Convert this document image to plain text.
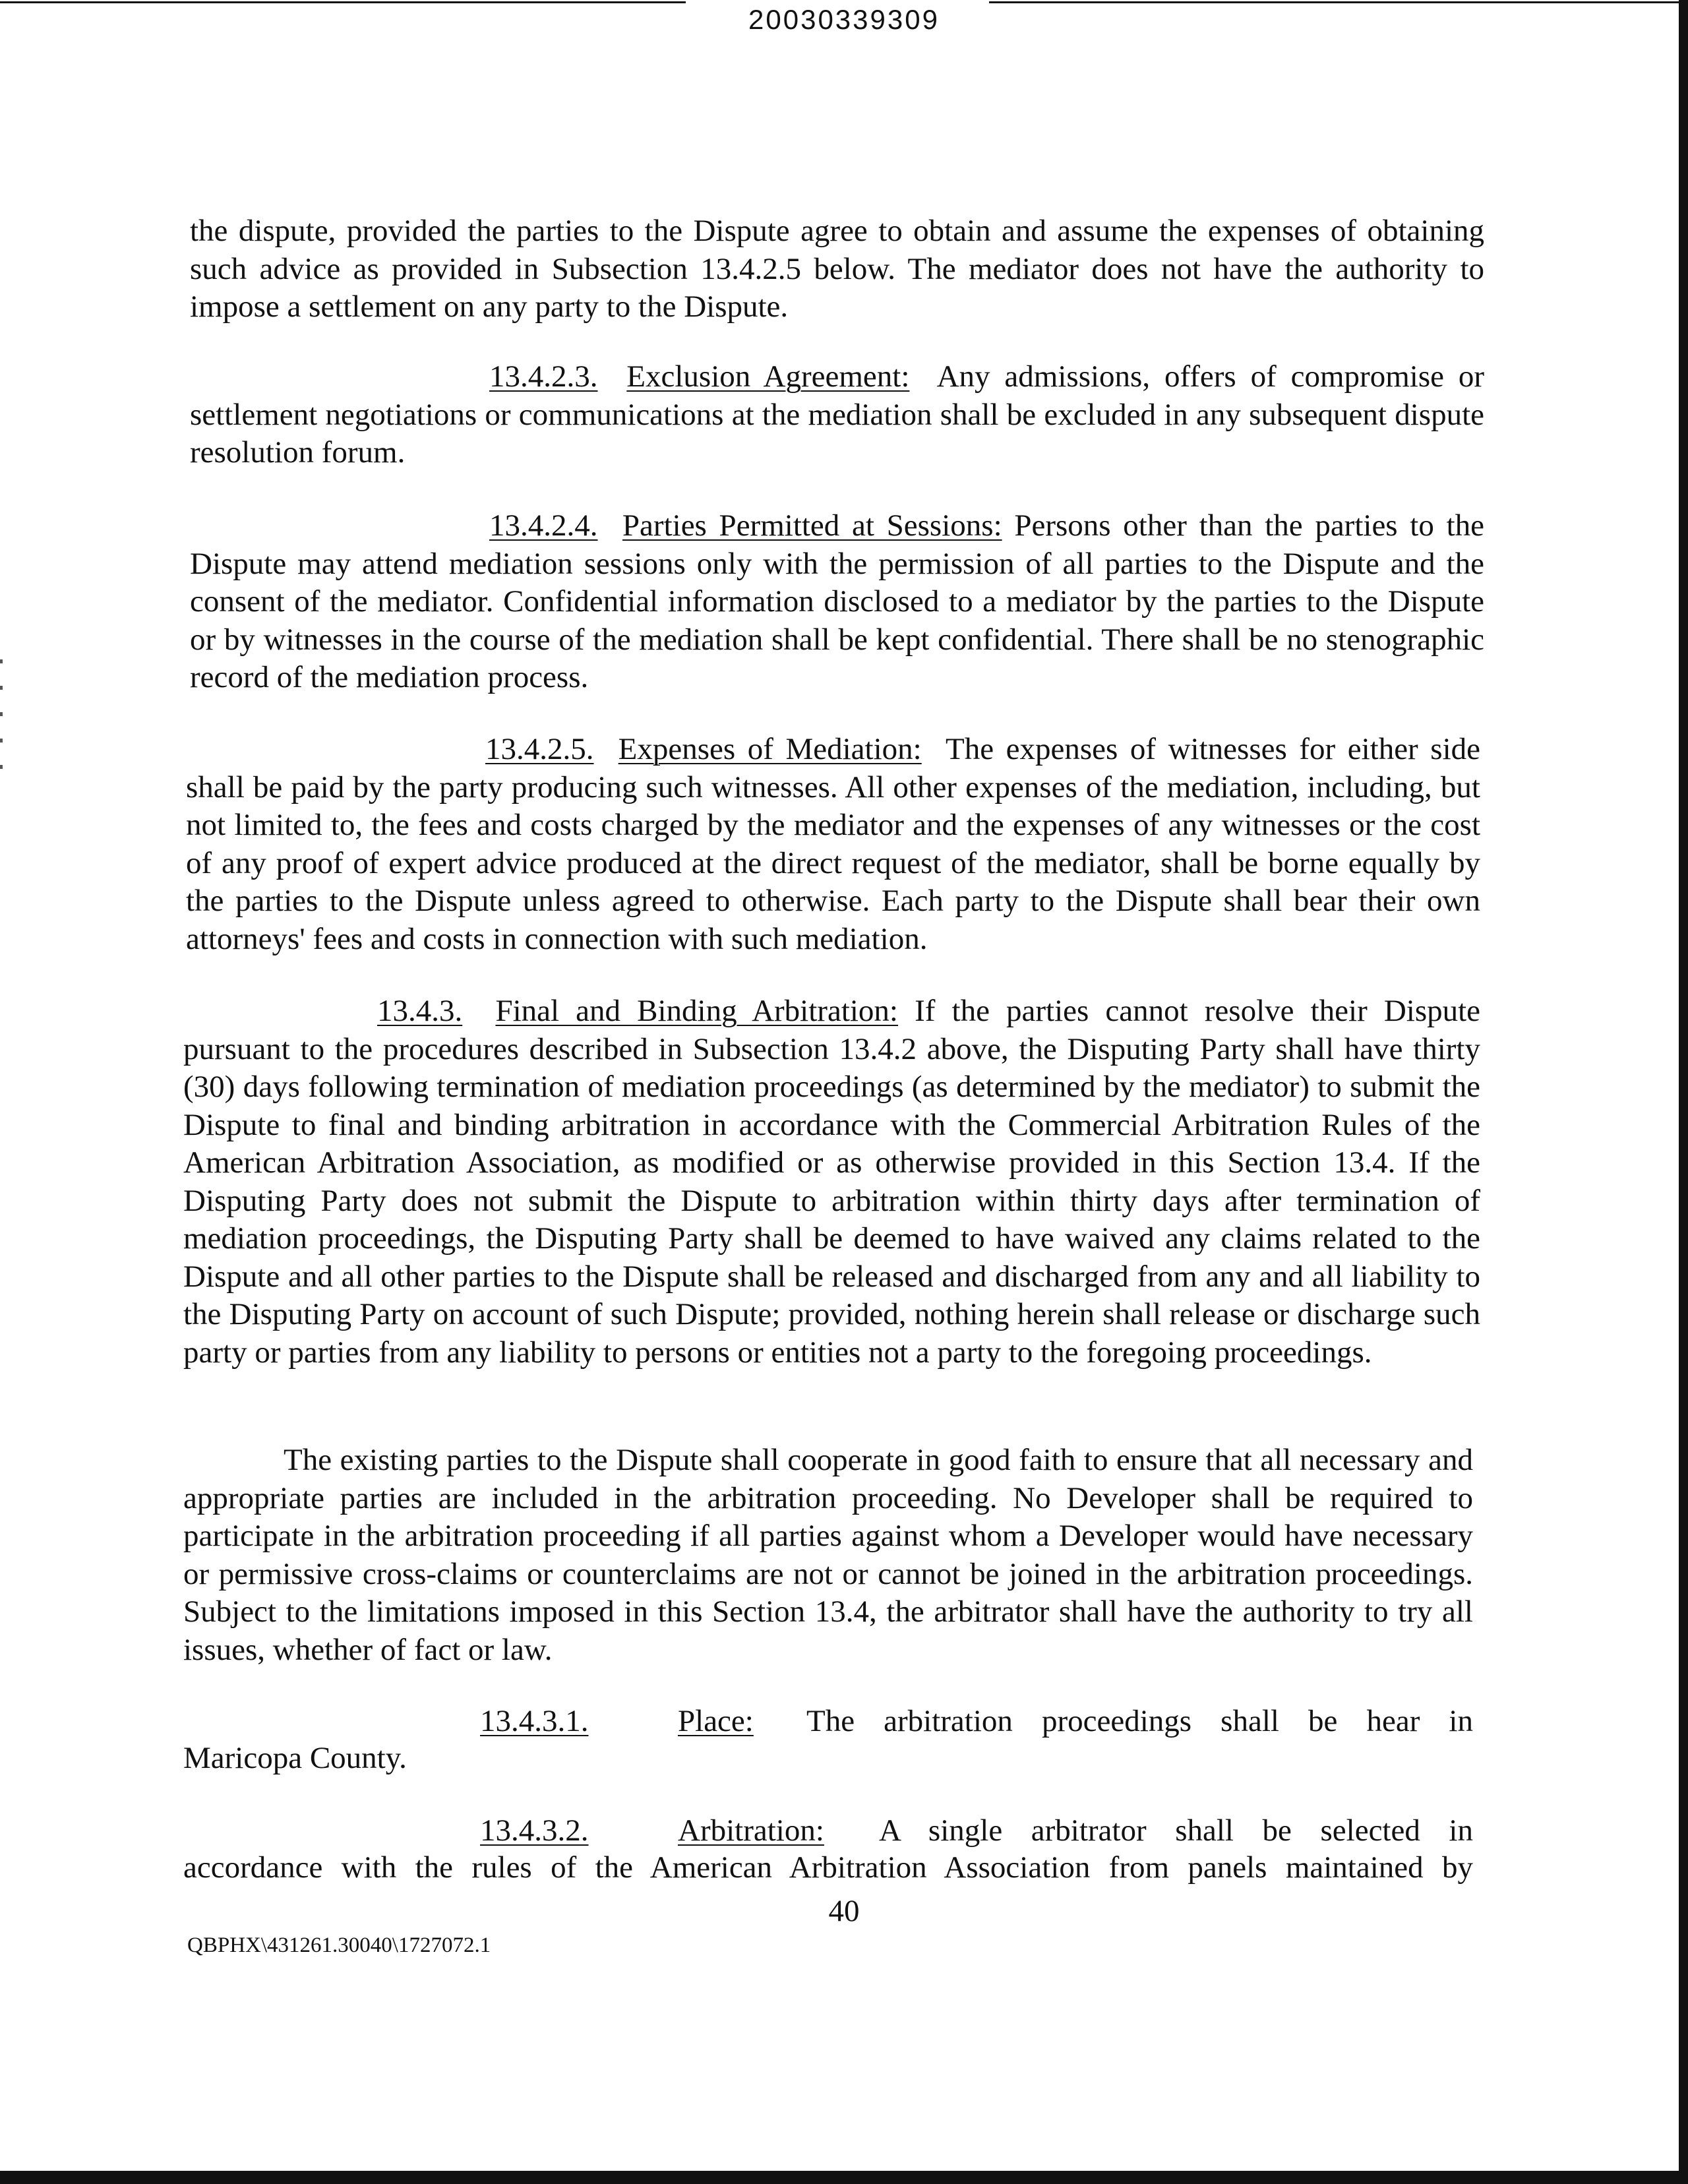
20030339309

the dispute, provided the parties to the Dispute agree to obtain and assume the expenses of obtaining such advice as provided in Subsection 13.4.2.5 below. The mediator does not have the authority to impose a settlement on any party to the Dispute.

13.4.2.3. Exclusion Agreement: Any admissions, offers of compromise or settlement negotiations or communications at the mediation shall be excluded in any subsequent dispute resolution forum.

13.4.2.4. Parties Permitted at Sessions: Persons other than the parties to the Dispute may attend mediation sessions only with the permission of all parties to the Dispute and the consent of the mediator. Confidential information disclosed to a mediator by the parties to the Dispute or by witnesses in the course of the mediation shall be kept confidential. There shall be no stenographic record of the mediation process.

13.4.2.5. Expenses of Mediation: The expenses of witnesses for either side shall be paid by the party producing such witnesses. All other expenses of the mediation, including, but not limited to, the fees and costs charged by the mediator and the expenses of any witnesses or the cost of any proof of expert advice produced at the direct request of the mediator, shall be borne equally by the parties to the Dispute unless agreed to otherwise. Each party to the Dispute shall bear their own attorneys' fees and costs in connection with such mediation.

13.4.3. Final and Binding Arbitration: If the parties cannot resolve their Dispute pursuant to the procedures described in Subsection 13.4.2 above, the Disputing Party shall have thirty (30) days following termination of mediation proceedings (as determined by the mediator) to submit the Dispute to final and binding arbitration in accordance with the Commercial Arbitration Rules of the American Arbitration Association, as modified or as otherwise provided in this Section 13.4. If the Disputing Party does not submit the Dispute to arbitration within thirty days after termination of mediation proceedings, the Disputing Party shall be deemed to have waived any claims related to the Dispute and all other parties to the Dispute shall be released and discharged from any and all liability to the Disputing Party on account of such Dispute; provided, nothing herein shall release or discharge such party or parties from any liability to persons or entities not a party to the foregoing proceedings.

The existing parties to the Dispute shall cooperate in good faith to ensure that all necessary and appropriate parties are included in the arbitration proceeding. No Developer shall be required to participate in the arbitration proceeding if all parties against whom a Developer would have necessary or permissive cross-claims or counterclaims are not or cannot be joined in the arbitration proceedings. Subject to the limitations imposed in this Section 13.4, the arbitrator shall have the authority to try all issues, whether of fact or law.

13.4.3.1.	Place: The arbitration proceedings shall be hear in
Maricopa County.
13.4.3.2.	Arbitration: A single arbitrator shall be selected in
accordance with the rules of the American Arbitration Association from panels maintained by
40
QBPHX\431261.30040\1727072.1
